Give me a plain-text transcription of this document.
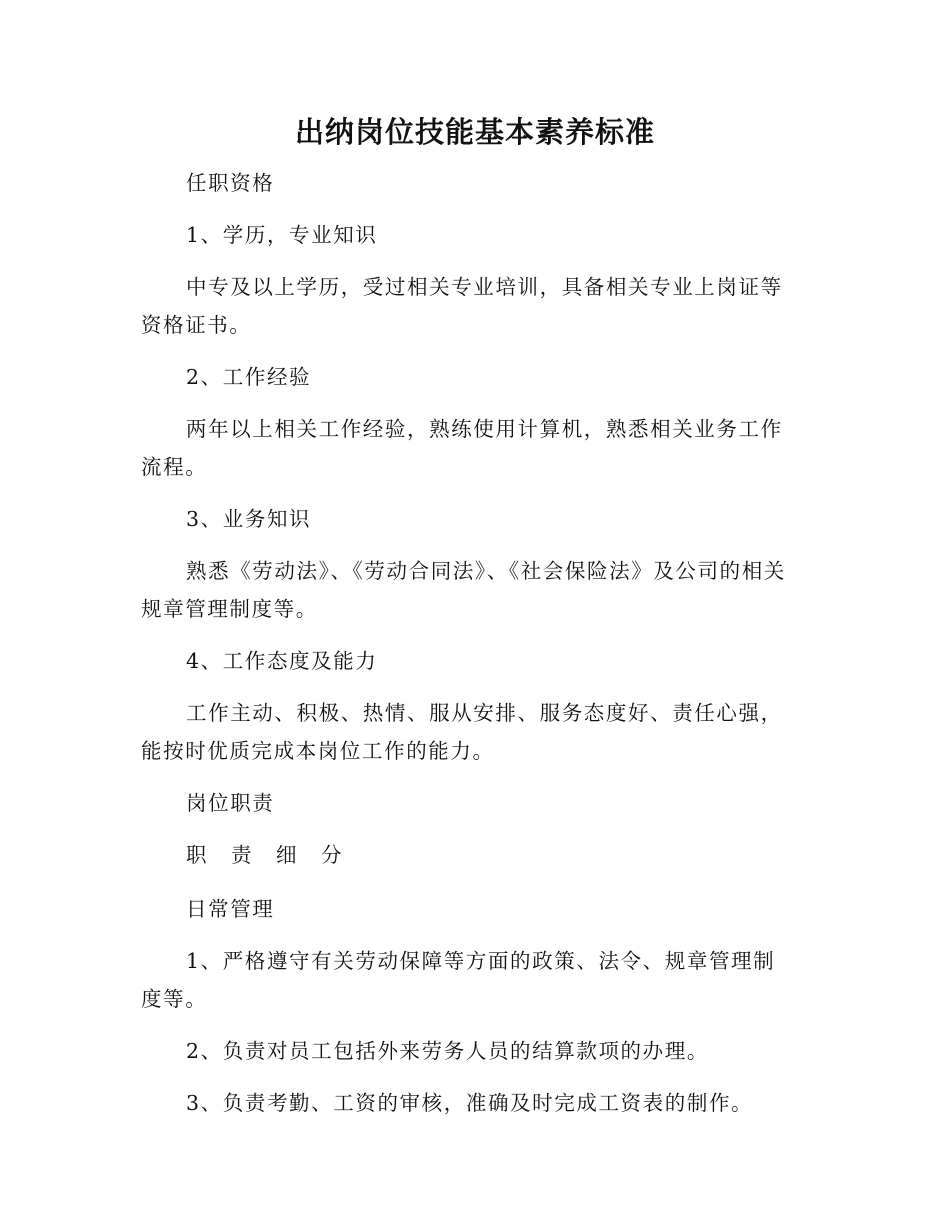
出纳岗位技能基本素养标准
任职资格
1、学历，专业知识
中专及以上学历，受过相关专业培训，具备相关专业上岗证等资格证书。
2、工作经验
两年以上相关工作经验，熟练使用计算机，熟悉相关业务工作流程。
3、业务知识
熟悉《劳动法》、《劳动合同法》、《社会保险法》及公司的相关规章管理制度等。
4、工作态度及能力
工作主动、积极、热情、服从安排、服务态度好、责任心强，能按时优质完成本岗位工作的能力。
岗位职责
职 责 细 分
日常管理
1、严格遵守有关劳动保障等方面的政策、法令、规章管理制度等。
2、负责对员工包括外来劳务人员的结算款项的办理。
3、负责考勤、工资的审核，准确及时完成工资表的制作。
